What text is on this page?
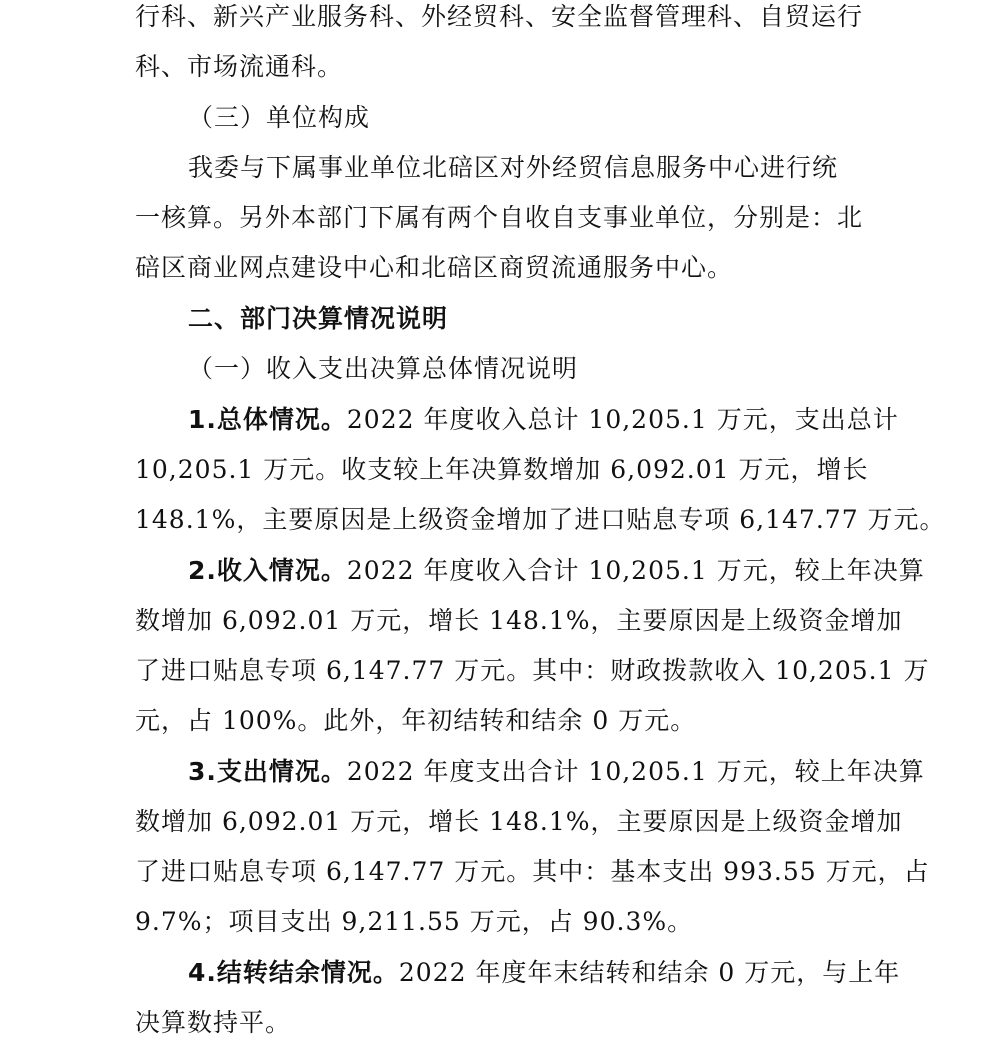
行科、新兴产业服务科、外经贸科、安全监督管理科、自贸运行
科、市场流通科。
（三）单位构成
我委与下属事业单位北碚区对外经贸信息服务中心进行统
一核算。另外本部门下属有两个自收自支事业单位，分别是：北
碚区商业网点建设中心和北碚区商贸流通服务中心。
二、部门决算情况说明
（一）收入支出决算总体情况说明
1.总体情况。2022 年度收入总计 10,205.1 万元，支出总计
10,205.1 万元。收支较上年决算数增加 6,092.01 万元，增长
148.1%，主要原因是上级资金增加了进口贴息专项 6,147.77 万元。
2.收入情况。2022 年度收入合计 10,205.1 万元，较上年决算
数增加 6,092.01 万元，增长 148.1%，主要原因是上级资金增加
了进口贴息专项 6,147.77 万元。其中：财政拨款收入 10,205.1 万
元，占 100%。此外，年初结转和结余 0 万元。
3.支出情况。2022 年度支出合计 10,205.1 万元，较上年决算
数增加 6,092.01 万元，增长 148.1%，主要原因是上级资金增加
了进口贴息专项 6,147.77 万元。其中：基本支出 993.55 万元，占
9.7%；项目支出 9,211.55 万元，占 90.3%。
4.结转结余情况。2022 年度年末结转和结余 0 万元，与上年
决算数持平。
